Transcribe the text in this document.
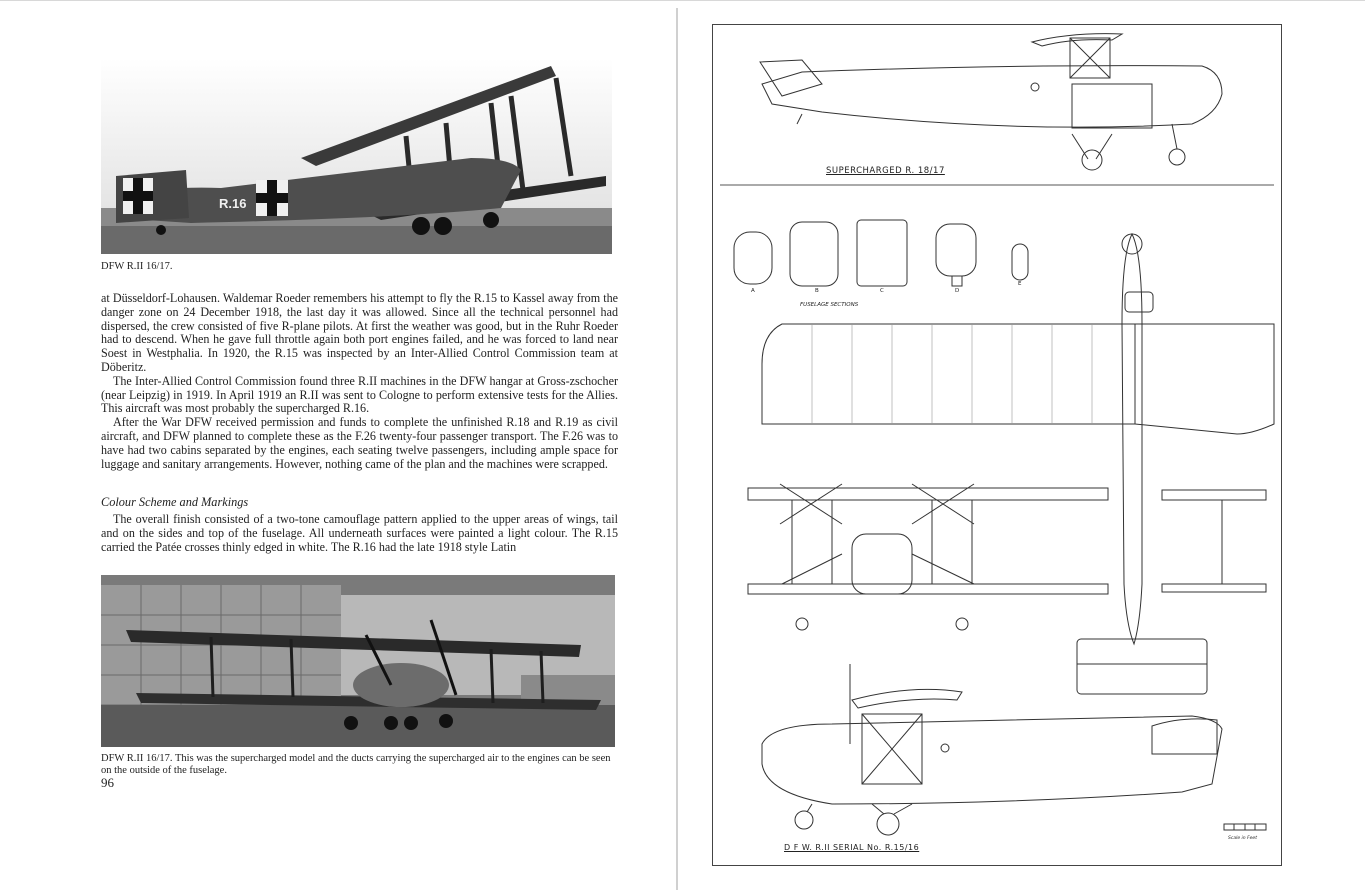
R.16
DFW R.II 16/17.

at Düsseldorf-Lohausen. Waldemar Roeder remembers his attempt to fly the R.15 to Kassel away from the danger zone on 24 December 1918, the last day it was allowed. Since all the technical personnel had dispersed, the crew consisted of five R-plane pilots. At first the weather was good, but in the Ruhr Roeder had to descend. When he gave full throttle again both port engines failed, and he was forced to land near Soest in Westphalia. In 1920, the R.15 was inspected by an Inter-Allied Control Commission team at Döberitz.

The Inter-Allied Control Commission found three R.II machines in the DFW hangar at Gross-zschocher (near Leipzig) in 1919. In April 1919 an R.II was sent to Cologne to perform extensive tests for the Allies. This aircraft was most probably the supercharged R.16.

After the War DFW received permission and funds to complete the unfinished R.18 and R.19 as civil aircraft, and DFW planned to complete these as the F.26 twenty-four passenger transport. The F.26 was to have had two cabins separated by the engines, each seating twelve passengers, including ample space for luggage and sanitary arrangements. However, nothing came of the plan and the machines were scrapped.

Colour Scheme and Markings

The overall finish consisted of a two-tone camouflage pattern applied to the upper areas of wings, tail and on the sides and top of the fuselage. All underneath surfaces were painted a light colour. The R.15 carried the Patée crosses thinly edged in white. The R.16 had the late 1918 style Latin

DFW R.II 16/17. This was the supercharged model and the ducts carrying the supercharged air to the engines can be seen on the outside of the fuselage.
96
SUPERCHARGED R. 18/17
FUSELAGE SECTIONS
A	B	C	D
E
D F W. R.II SERIAL No. R.15/16
Scale in Feet
